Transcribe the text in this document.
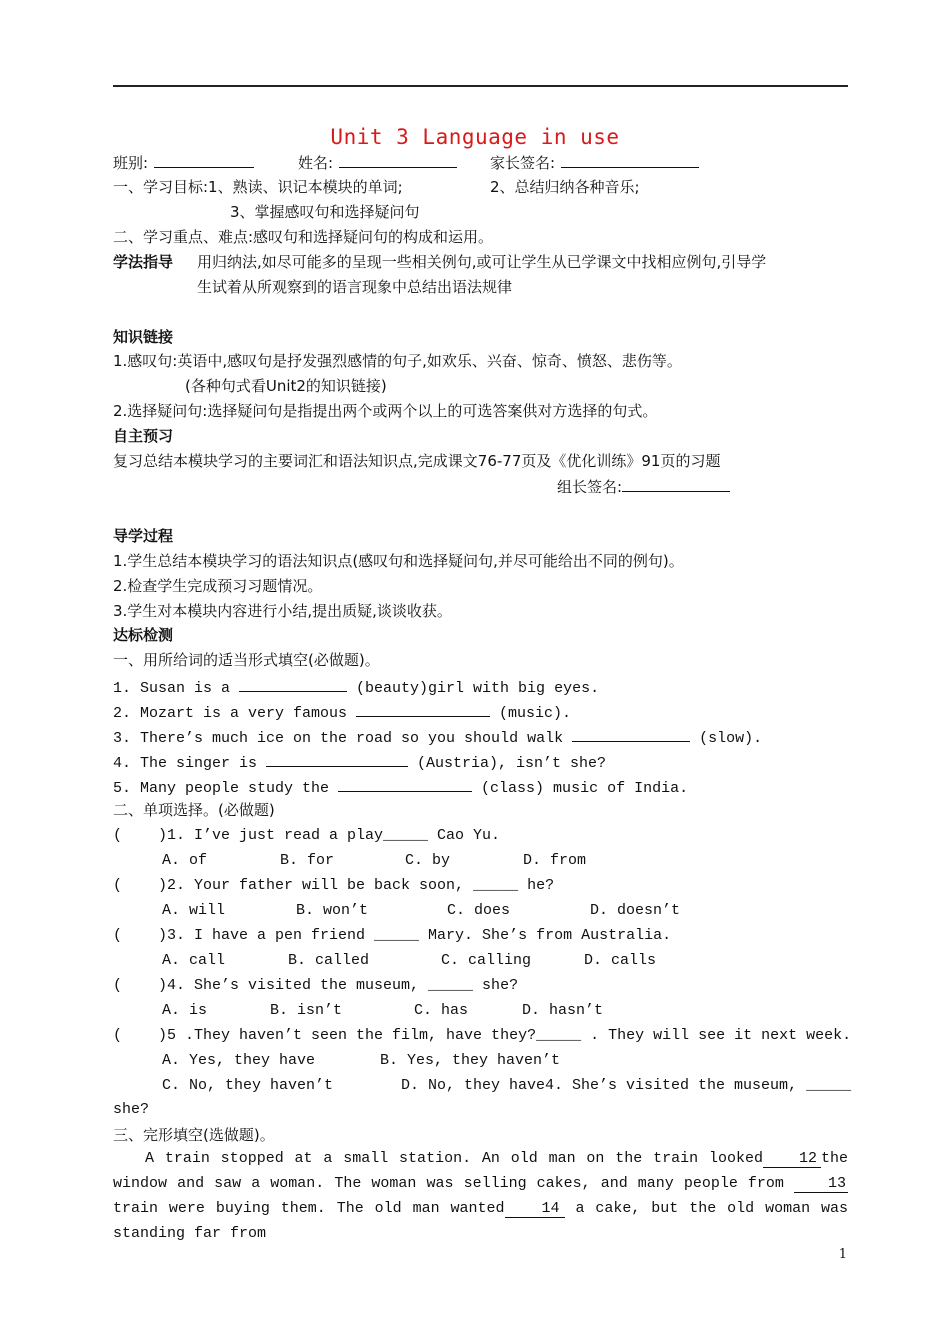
Unit 3 Language in use
班别:	姓名:	家长签名:
一、学习目标:1、熟读、识记本模块的单词;	2、总结归纳各种音乐;
3、掌握感叹句和选择疑问句
二、学习重点、难点:感叹句和选择疑问句的构成和运用。
学法指导 用归纳法,如尽可能多的呈现一些相关例句,或可让学生从已学课文中找相应例句,引导学
生试着从所观察到的语言现象中总结出语法规律
知识链接
1.感叹句:英语中,感叹句是抒发强烈感情的句子,如欢乐、兴奋、惊奇、愤怒、悲伤等。
(各种句式看Unit2的知识链接)
2.选择疑问句:选择疑问句是指提出两个或两个以上的可选答案供对方选择的句式。
自主预习
复习总结本模块学习的主要词汇和语法知识点,完成课文76-77页及《优化训练》91页的习题
组长签名:
导学过程
1.学生总结本模块学习的语法知识点(感叹句和选择疑问句,并尽可能给出不同的例句)。
2.检查学生完成预习习题情况。
3.学生对本模块内容进行小结,提出质疑,谈谈收获。
达标检测
一、用所给词的适当形式填空(必做题)。
1. Susan is a	(beauty)girl with big eyes.
2. Mozart is a very famous	(music).
3. There’s much ice on the road so you should walk	(slow).
4. The singer is	(Austria), isn’t she?
5. Many people study the	(class) music of India.
二、单项选择。(必做题)
(    )1. I’ve just read a play_____ Cao Yu.
A. of	B. for	C. by	D. from
(    )2. Your father will be back soon, _____ he?
A. will	B. won’t	C. does	D. doesn’t
(    )3. I have a pen friend _____ Mary. She’s from Australia.
A. call	B. called	C. calling	D. calls
(    )4. She’s visited the museum, _____ she?
A. is	B. isn’t	C. has	D. hasn’t
(    )5 .They haven’t seen the film, have they?_____ . They will see it next week.
A. Yes, they have	B. Yes, they haven’t
C. No, they haven’t	D. No, they have4. She’s visited the museum, _____
she?
三、完形填空(选做题)。
A train stopped at a small station. An old man on the train looked 12 the window and saw a woman. The woman was selling cakes, and many people from 13 train were buying them. The old man wanted 14 a cake, but the old woman was standing far from
1
